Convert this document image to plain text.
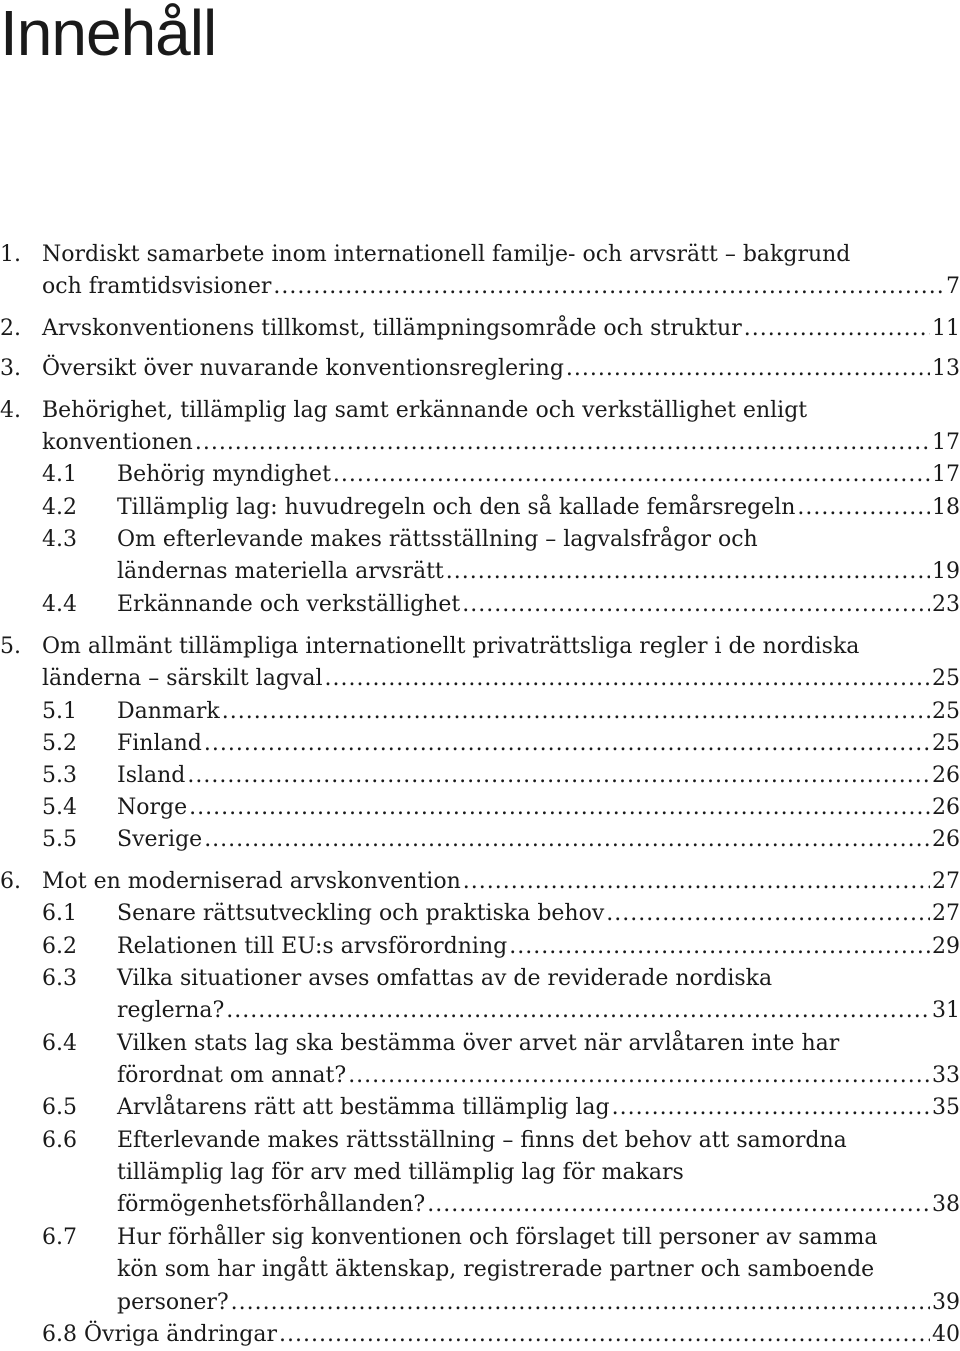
Innehåll
1. Nordiskt samarbete inom internationell familje- och arvsrätt – bakgrund
och framtidsvisioner .....	7
2. Arvskonventionens tillkomst, tillämpningsområde och struktur .....	11
3. Översikt över nuvarande konventionsreglering .....	13
4. Behörighet, tillämplig lag samt erkännande och verkställighet enligt
konventionen .....	17
4.1 Behörig myndighet .....	17
4.2 Tillämplig lag: huvudregeln och den så kallade femårsregeln .....	18
4.3 Om efterlevande makes rättsställning – lagvalsfrågor och
ländernas materiella arvsrätt .....	19
4.4 Erkännande och verkställighet .....	23
5. Om allmänt tillämpliga internationellt privaträttsliga regler i de nordiska
länderna – särskilt lagval .....	25
5.1 Danmark .....	25
5.2 Finland .....	25
5.3 Island .....	26
5.4 Norge .....	26
5.5 Sverige .....	26
6. Mot en moderniserad arvskonvention .....	27
6.1 Senare rättsutveckling och praktiska behov .....	27
6.2 Relationen till EU:s arvsförordning .....	29
6.3 Vilka situationer avses omfattas av de reviderade nordiska
reglerna? .....	31
6.4 Vilken stats lag ska bestämma över arvet när arvlåtaren inte har
förordnat om annat? .....	33
6.5 Arvlåtarens rätt att bestämma tillämplig lag .....	35
6.6 Efterlevande makes rättsställning – finns det behov att samordna
tillämplig lag för arv med tillämplig lag för makars
förmögenhetsförhållanden? .....	38
6.7 Hur förhåller sig konventionen och förslaget till personer av samma
kön som har ingått äktenskap, registrerade partner och samboende
personer? .....	39
6.8 Övriga ändringar .....	40
